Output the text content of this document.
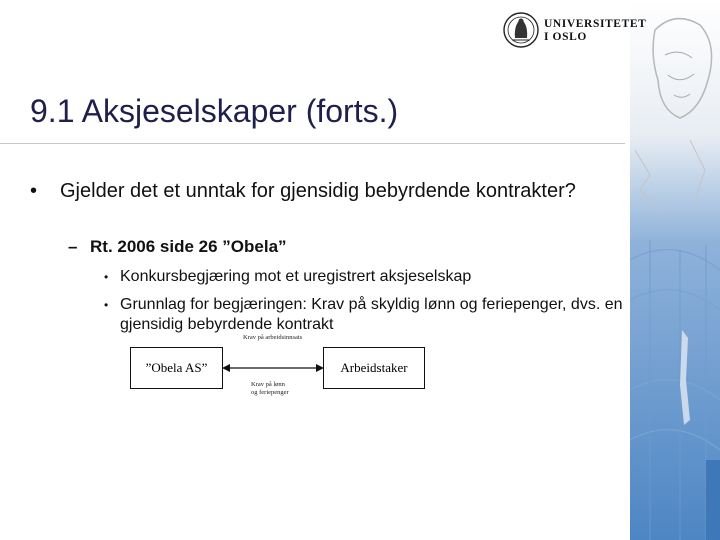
UNIVERSITETET
I OSLO
9.1 Aksjeselskaper (forts.)
•	Gjelder det et unntak for gjensidig bebyrdende kontrakter?
– Rt. 2006 side 26 ”Obela”
• Konkursbegjæring mot et uregistrert aksjeselskap
• Grunnlag for begjæringen: Krav på skyldig lønn og feriepenger, dvs. en gjensidig bebyrdende kontrakt
Krav på arbeidsinnsats
”Obela AS”	Arbeidstaker
Krav på lønn
og feriepenger
